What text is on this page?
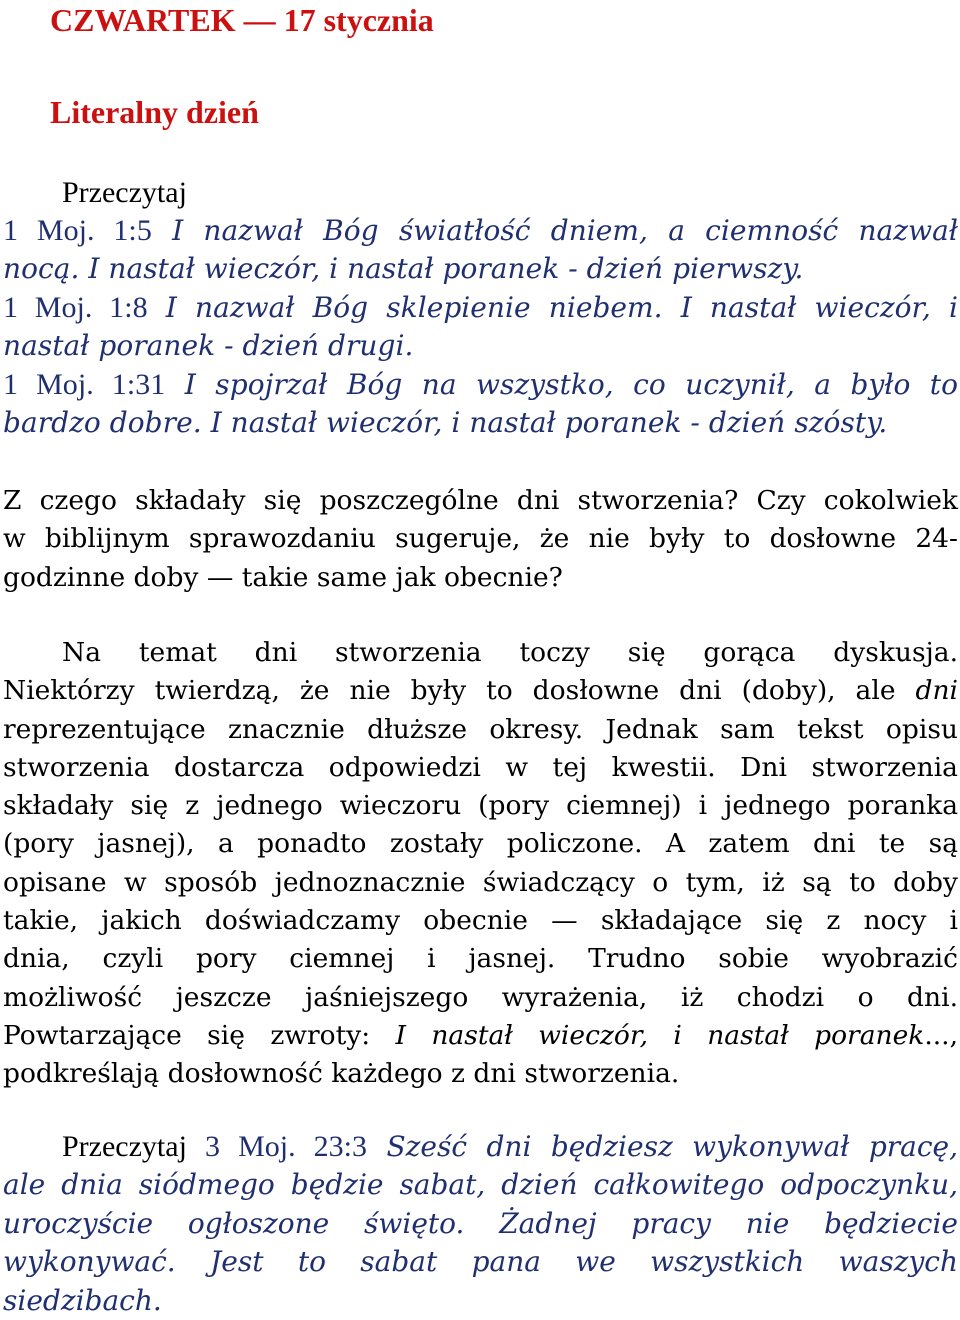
CZWARTEK — 17 stycznia
Literalny dzień
Przeczytaj
1 Moj. 1:5 I nazwał Bóg światłość dniem, a ciemność nazwał
nocą. I nastał wieczór, i nastał poranek - dzień pierwszy.
1 Moj. 1:8 I nazwał Bóg sklepienie niebem. I nastał wieczór, i
nastał poranek - dzień drugi.
1 Moj. 1:31 I spojrzał Bóg na wszystko, co uczynił, a było to
bardzo dobre. I nastał wieczór, i nastał poranek - dzień szósty.
Z czego składały się poszczególne dni stworzenia? Czy cokolwiek
w biblijnym sprawozdaniu sugeruje, że nie były to dosłowne 24-
godzinne doby — takie same jak obecnie?
Na temat dni stworzenia toczy się gorąca dyskusja.
Niektórzy twierdzą, że nie były to dosłowne dni (doby), ale dni
reprezentujące znacznie dłuższe okresy. Jednak sam tekst opisu
stworzenia dostarcza odpowiedzi w tej kwestii. Dni stworzenia
składały się z jednego wieczoru (pory ciemnej) i jednego poranka
(pory jasnej), a ponadto zostały policzone. A zatem dni te są
opisane w sposób jednoznacznie świadczący o tym, iż są to doby
takie, jakich doświadczamy obecnie — składające się z nocy i
dnia, czyli pory ciemnej i jasnej. Trudno sobie wyobrazić
możliwość jeszcze jaśniejszego wyrażenia, iż chodzi o dni.
Powtarzające się zwroty: I nastał wieczór, i nastał poranek...,
podkreślają dosłowność każdego z dni stworzenia.
Przeczytaj 3 Moj. 23:3 Sześć dni będziesz wykonywał pracę,
ale dnia siódmego będzie sabat, dzień całkowitego odpoczynku,
uroczyście ogłoszone święto. Żadnej pracy nie będziecie
wykonywać. Jest to sabat pana we wszystkich waszych
siedzibach.
